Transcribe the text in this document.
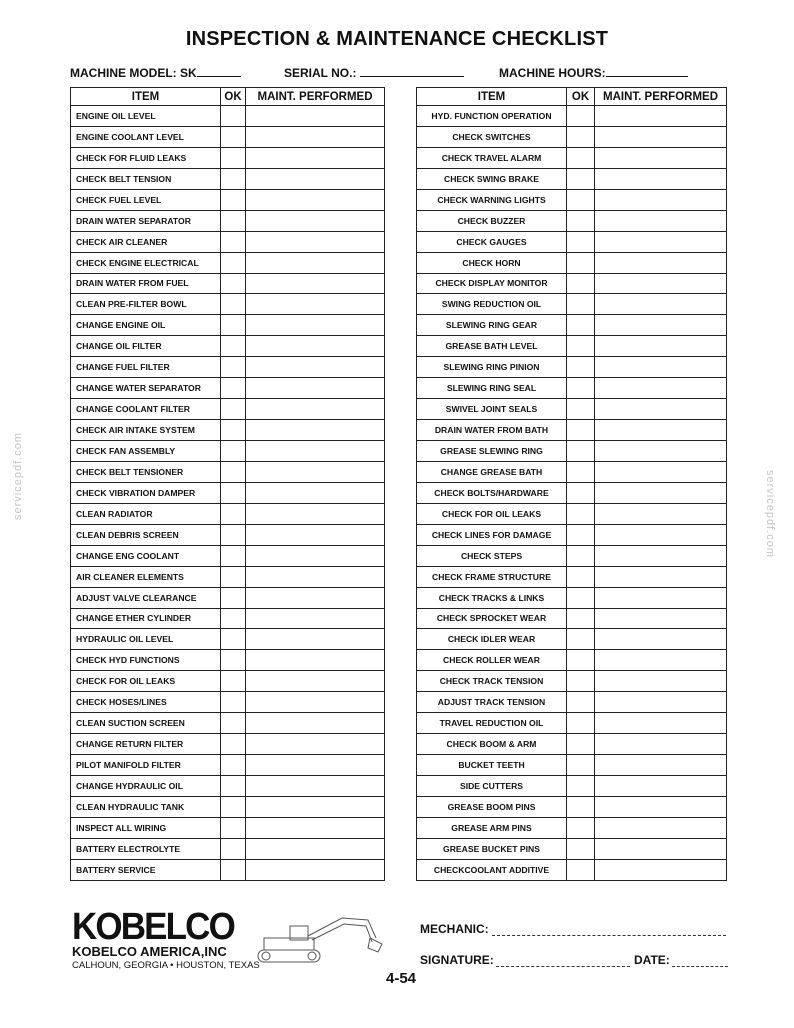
INSPECTION & MAINTENANCE CHECKLIST
MACHINE MODEL: SK	SERIAL NO.:	MACHINE HOURS:
ITEM	OK	MAINT. PERFORMED
ENGINE OIL LEVEL		
ENGINE COOLANT LEVEL		
CHECK FOR FLUID LEAKS		
CHECK BELT TENSION		
CHECK FUEL LEVEL		
DRAIN WATER SEPARATOR		
CHECK AIR CLEANER		
CHECK ENGINE ELECTRICAL		
DRAIN WATER FROM FUEL		
CLEAN PRE-FILTER BOWL		
CHANGE ENGINE OIL		
CHANGE OIL FILTER		
CHANGE FUEL FILTER		
CHANGE WATER SEPARATOR		
CHANGE COOLANT FILTER		
CHECK AIR INTAKE SYSTEM		
CHECK FAN ASSEMBLY		
CHECK BELT TENSIONER		
CHECK VIBRATION DAMPER		
CLEAN RADIATOR		
CLEAN DEBRIS SCREEN		
CHANGE ENG COOLANT		
AIR CLEANER ELEMENTS		
ADJUST VALVE CLEARANCE		
CHANGE ETHER CYLINDER		
HYDRAULIC OIL LEVEL		
CHECK HYD FUNCTIONS		
CHECK FOR OIL LEAKS		
CHECK HOSES/LINES		
CLEAN SUCTION SCREEN		
CHANGE RETURN FILTER		
PILOT MANIFOLD FILTER		
CHANGE HYDRAULIC OIL		
CLEAN HYDRAULIC TANK		
INSPECT ALL WIRING		
BATTERY ELECTROLYTE		
BATTERY SERVICE		
ITEM	OK	MAINT. PERFORMED
HYD. FUNCTION OPERATION		
CHECK SWITCHES		
CHECK TRAVEL ALARM		
CHECK SWING BRAKE		
CHECK WARNING LIGHTS		
CHECK BUZZER		
CHECK GAUGES		
CHECK HORN		
CHECK DISPLAY MONITOR		
SWING REDUCTION OIL		
SLEWING RING GEAR		
GREASE BATH LEVEL		
SLEWING RING PINION		
SLEWING RING SEAL		
SWIVEL JOINT SEALS		
DRAIN WATER FROM BATH		
GREASE SLEWING RING		
CHANGE GREASE BATH		
CHECK BOLTS/HARDWARE		
CHECK FOR OIL LEAKS		
CHECK LINES FOR DAMAGE		
CHECK STEPS		
CHECK FRAME STRUCTURE		
CHECK TRACKS & LINKS		
CHECK SPROCKET WEAR		
CHECK IDLER WEAR		
CHECK ROLLER WEAR		
CHECK TRACK TENSION		
ADJUST TRACK TENSION		
TRAVEL REDUCTION OIL		
CHECK BOOM & ARM		
BUCKET TEETH		
SIDE CUTTERS		
GREASE BOOM PINS		
GREASE ARM PINS		
GREASE BUCKET PINS		
CHECKCOOLANT ADDITIVE		
KOBELCO
KOBELCO AMERICA,INC
CALHOUN, GEORGIA • HOUSTON, TEXAS
MECHANIC:
SIGNATURE:	DATE:
4-54
servicepdf.com	servicepdf.com
